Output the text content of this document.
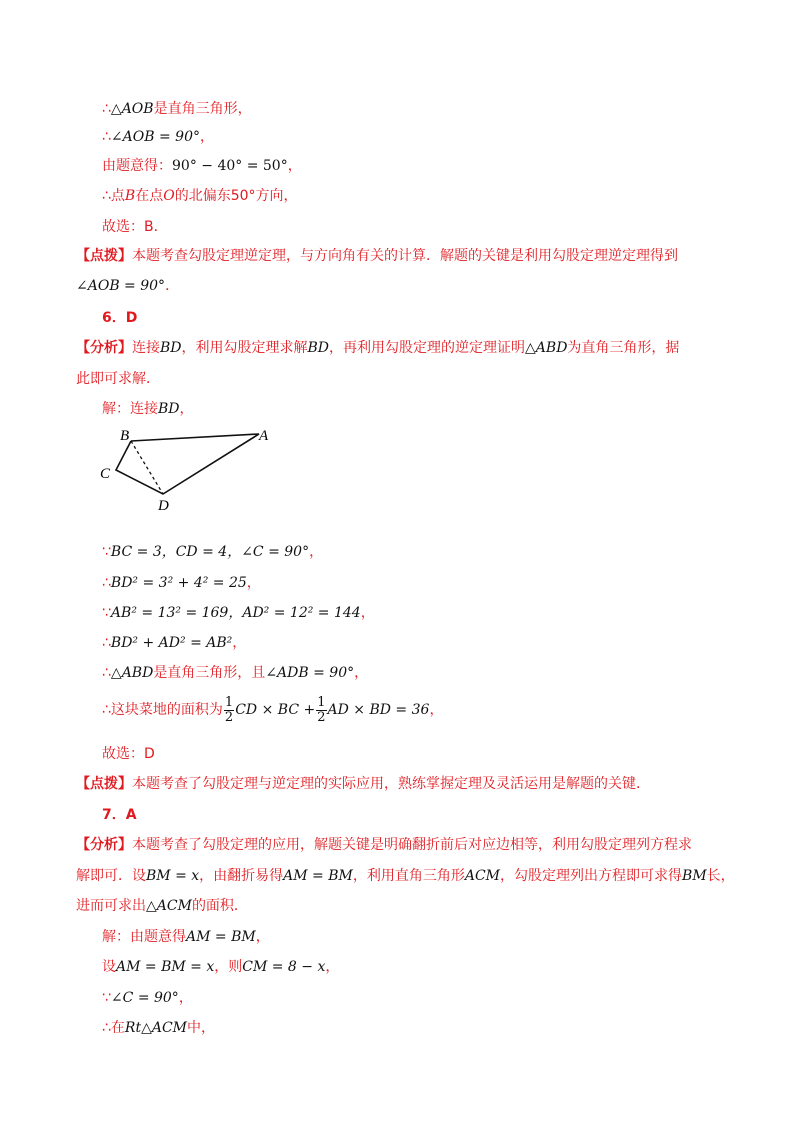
∴△AOB是直角三角形，
∴∠AOB = 90°，
由题意得：90° − 40° = 50°，
∴点B在点O的北偏东50°方向，
故选：B．
【点拨】本题考查勾股定理逆定理，与方向角有关的计算．解题的关键是利用勾股定理逆定理得到
∠AOB = 90°．
6．D
【分析】连接BD，利用勾股定理求解BD，再利用勾股定理的逆定理证明△ABD为直角三角形，据
此即可求解．
解：连接BD，
B	A
C
D
∵BC = 3，CD = 4，∠C = 90°，
∴BD² = 3² + 4² = 25，
∵AB² = 13² = 169，AD² = 12² = 144，
∴BD² + AD² = AB²，
∴△ABD是直角三角形，且∠ADB = 90°，
∴这块菜地的面积为 $\frac{1}{2}$ CD × BC + $\frac{1}{2}$ AD × BD = 36，
故选：D
【点拨】本题考查了勾股定理与逆定理的实际应用，熟练掌握定理及灵活运用是解题的关键．
7．A
【分析】本题考查了勾股定理的应用，解题关键是明确翻折前后对应边相等，利用勾股定理列方程求
解即可．设BM = x，由翻折易得AM = BM，利用直角三角形ACM，勾股定理列出方程即可求得BM长，
进而可求出△ACM的面积．
解：由题意得AM = BM，
设AM = BM = x，则CM = 8 − x，
∵∠C = 90°，
∴在Rt△ACM中，
